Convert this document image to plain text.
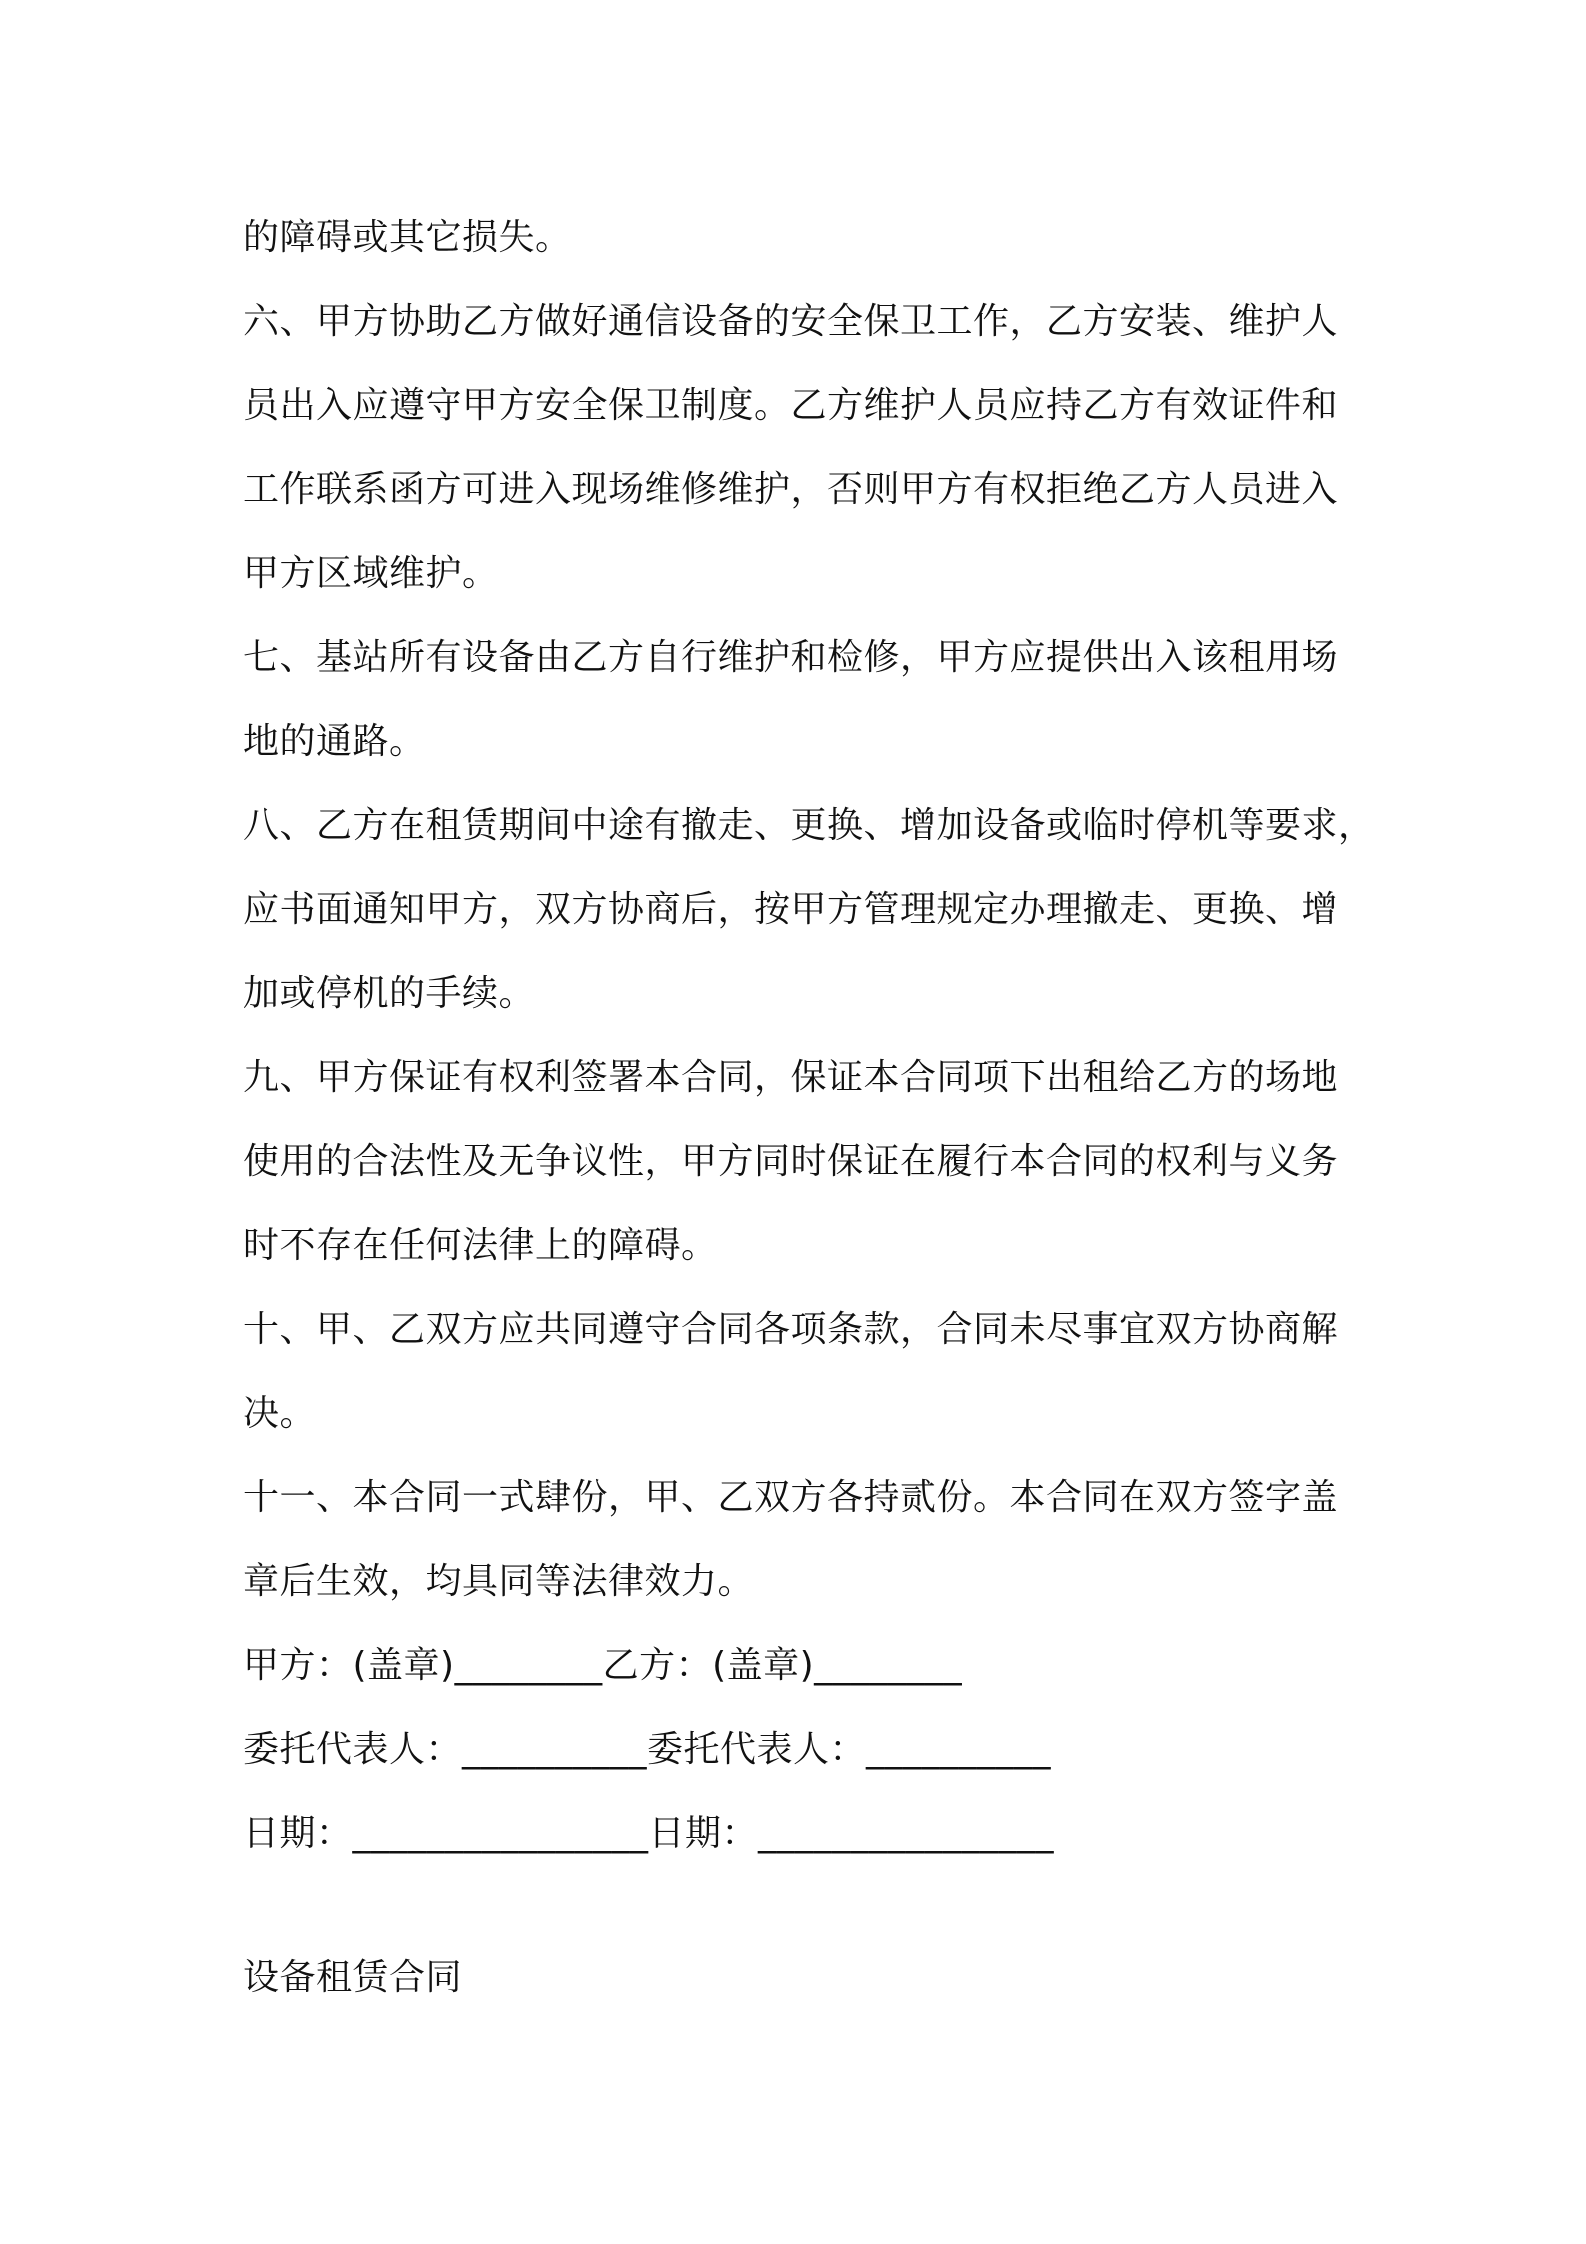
的障碍或其它损失。
六、甲方协助乙方做好通信设备的安全保卫工作，乙方安装、维护人
员出入应遵守甲方安全保卫制度。乙方维护人员应持乙方有效证件和
工作联系函方可进入现场维修维护，否则甲方有权拒绝乙方人员进入
甲方区域维护。
七、基站所有设备由乙方自行维护和检修，甲方应提供出入该租用场
地的通路。
八、乙方在租赁期间中途有撤走、更换、增加设备或临时停机等要求，
应书面通知甲方，双方协商后，按甲方管理规定办理撤走、更换、增
加或停机的手续。
九、甲方保证有权利签署本合同，保证本合同项下出租给乙方的场地
使用的合法性及无争议性，甲方同时保证在履行本合同的权利与义务
时不存在任何法律上的障碍。
十、甲、乙双方应共同遵守合同各项条款，合同未尽事宜双方协商解
决。
十一、本合同一式肆份，甲、乙双方各持贰份。本合同在双方签字盖
章后生效，均具同等法律效力。
甲方：(盖章)________乙方：(盖章)________
委托代表人：__________委托代表人：__________
日期：________________日期：________________
设备租赁合同
